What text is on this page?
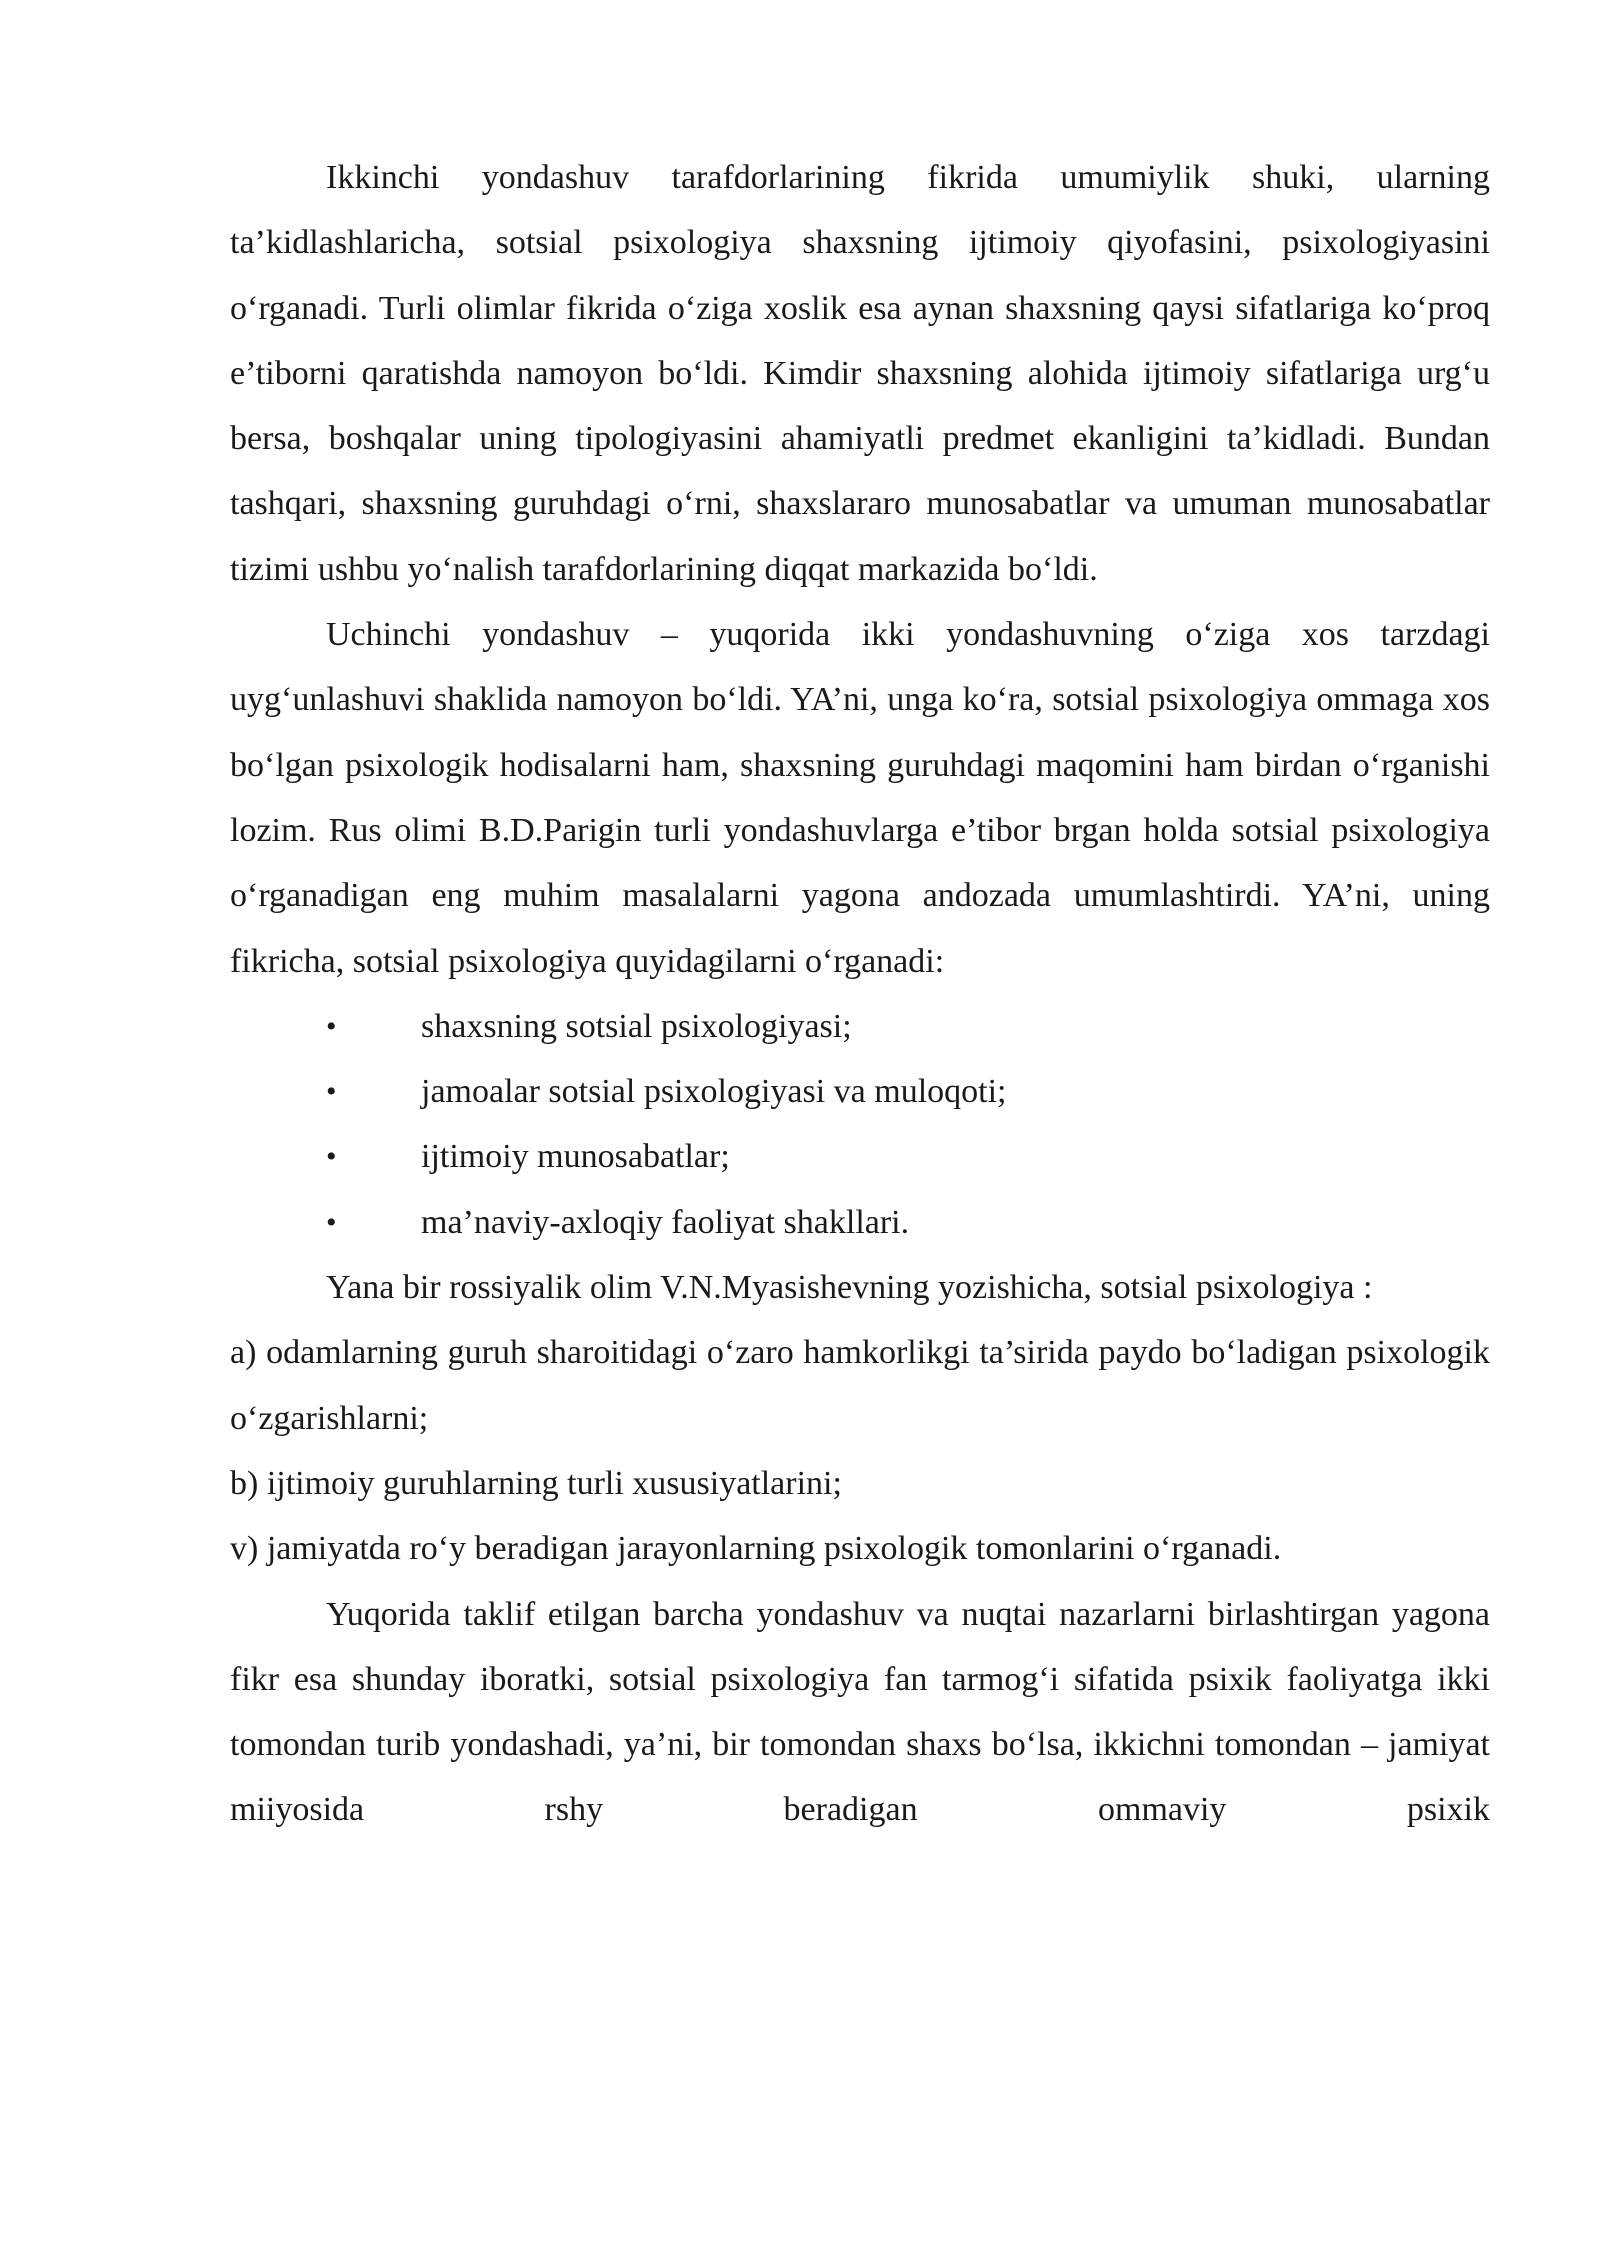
Ikkinchi yondashuv tarafdorlarining fikrida umumiylik shuki, ularning ta’kidlashlaricha, sotsial psixologiya shaxsning ijtimoiy qiyofasini, psixologiyasini o‘rganadi. Turli olimlar fikrida o‘ziga xoslik esa aynan shaxsning qaysi sifatlariga ko‘proq e’tiborni qaratishda namoyon bo‘ldi. Kimdir shaxsning alohida ijtimoiy sifatlariga urg‘u bersa, boshqalar uning tipologiyasini ahamiyatli predmet ekanligini ta’kidladi. Bundan tashqari, shaxsning guruhdagi o‘rni, shaxslararo munosabatlar va umuman munosabatlar tizimi ushbu yo‘nalish tarafdorlarining diqqat markazida bo‘ldi.

Uchinchi yondashuv – yuqorida ikki yondashuvning o‘ziga xos tarzdagi uyg‘unlashuvi shaklida namoyon bo‘ldi. YA’ni, unga ko‘ra, sotsial psixologiya ommaga xos bo‘lgan psixologik hodisalarni ham, shaxsning guruhdagi maqomini ham birdan o‘rganishi lozim. Rus olimi B.D.Parigin turli yondashuvlarga e’tibor brgan holda sotsial psixologiya o‘rganadigan eng muhim masalalarni yagona andozada umumlashtirdi. YA’ni, uning fikricha, sotsial psixologiya quyidagilarni o‘rganadi:

• shaxsning sotsial psixologiyasi;
• jamoalar sotsial psixologiyasi va muloqoti;
• ijtimoiy munosabatlar;
• ma’naviy-axloqiy faoliyat shakllari.

Yana bir rossiyalik olim V.N.Myasishevning yozishicha, sotsial psixologiya :

a) odamlarning guruh sharoitidagi o‘zaro hamkorlikgi ta’sirida paydo bo‘ladigan psixologik o‘zgarishlarni;

b) ijtimoiy guruhlarning turli xususiyatlarini;

v) jamiyatda ro‘y beradigan jarayonlarning psixologik tomonlarini o‘rganadi.

Yuqorida taklif etilgan barcha yondashuv va nuqtai nazarlarni birlashtirgan yagona fikr esa shunday iboratki, sotsial psixologiya fan tarmog‘i sifatida psixik faoliyatga ikki tomondan turib yondashadi, ya’ni, bir tomondan shaxs bo‘lsa, ikkichni tomondan – jamiyat miiyosida rshy beradigan ommaviy psixik
